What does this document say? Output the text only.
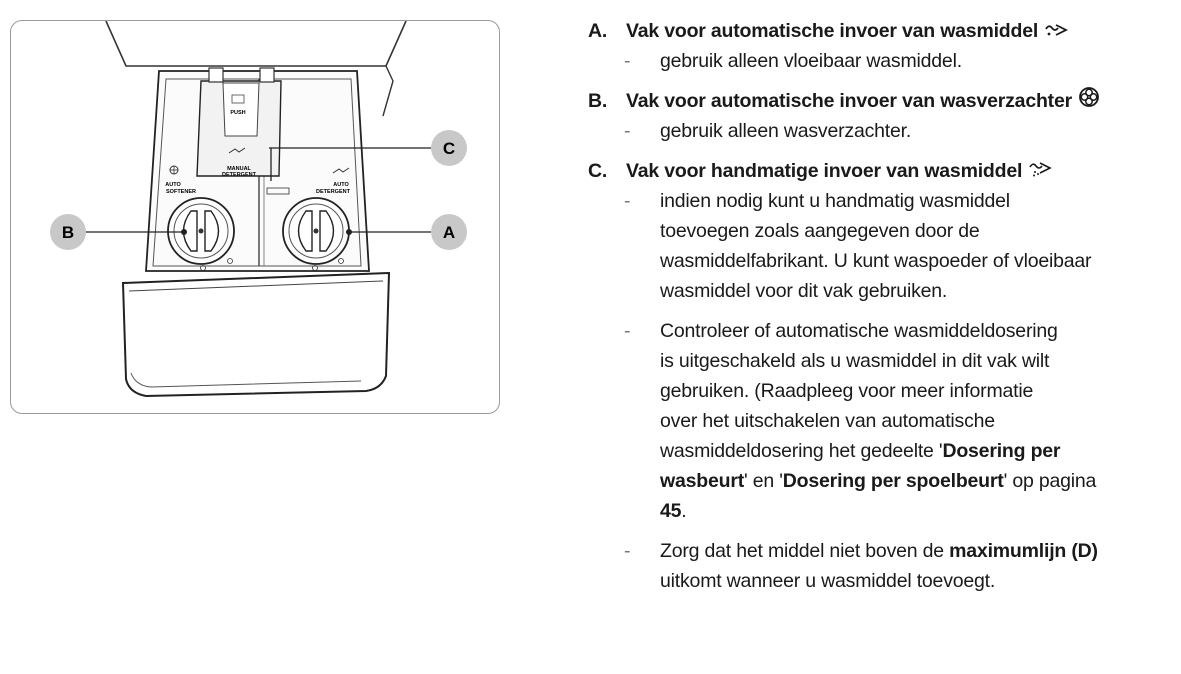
PUSH
MANUAL
DETERGENT
AUTO
SOFTENER
AUTO
DETERGENT
C
B	A
A. Vak voor automatische invoer van wasmiddel
- gebruik alleen vloeibaar wasmiddel.
B. Vak voor automatische invoer van wasverzachter
- gebruik alleen wasverzachter.
C. Vak voor handmatige invoer van wasmiddel
- indien nodig kunt u handmatig wasmiddel
toevoegen zoals aangegeven door de
wasmiddelfabrikant. U kunt waspoeder of vloeibaar
wasmiddel voor dit vak gebruiken.
- Controleer of automatische wasmiddeldosering
is uitgeschakeld als u wasmiddel in dit vak wilt
gebruiken. (Raadpleeg voor meer informatie
over het uitschakelen van automatische
wasmiddeldosering het gedeelte 'Dosering per
wasbeurt' en 'Dosering per spoelbeurt' op pagina
45.
- Zorg dat het middel niet boven de maximumlijn (D)
uitkomt wanneer u wasmiddel toevoegt.
